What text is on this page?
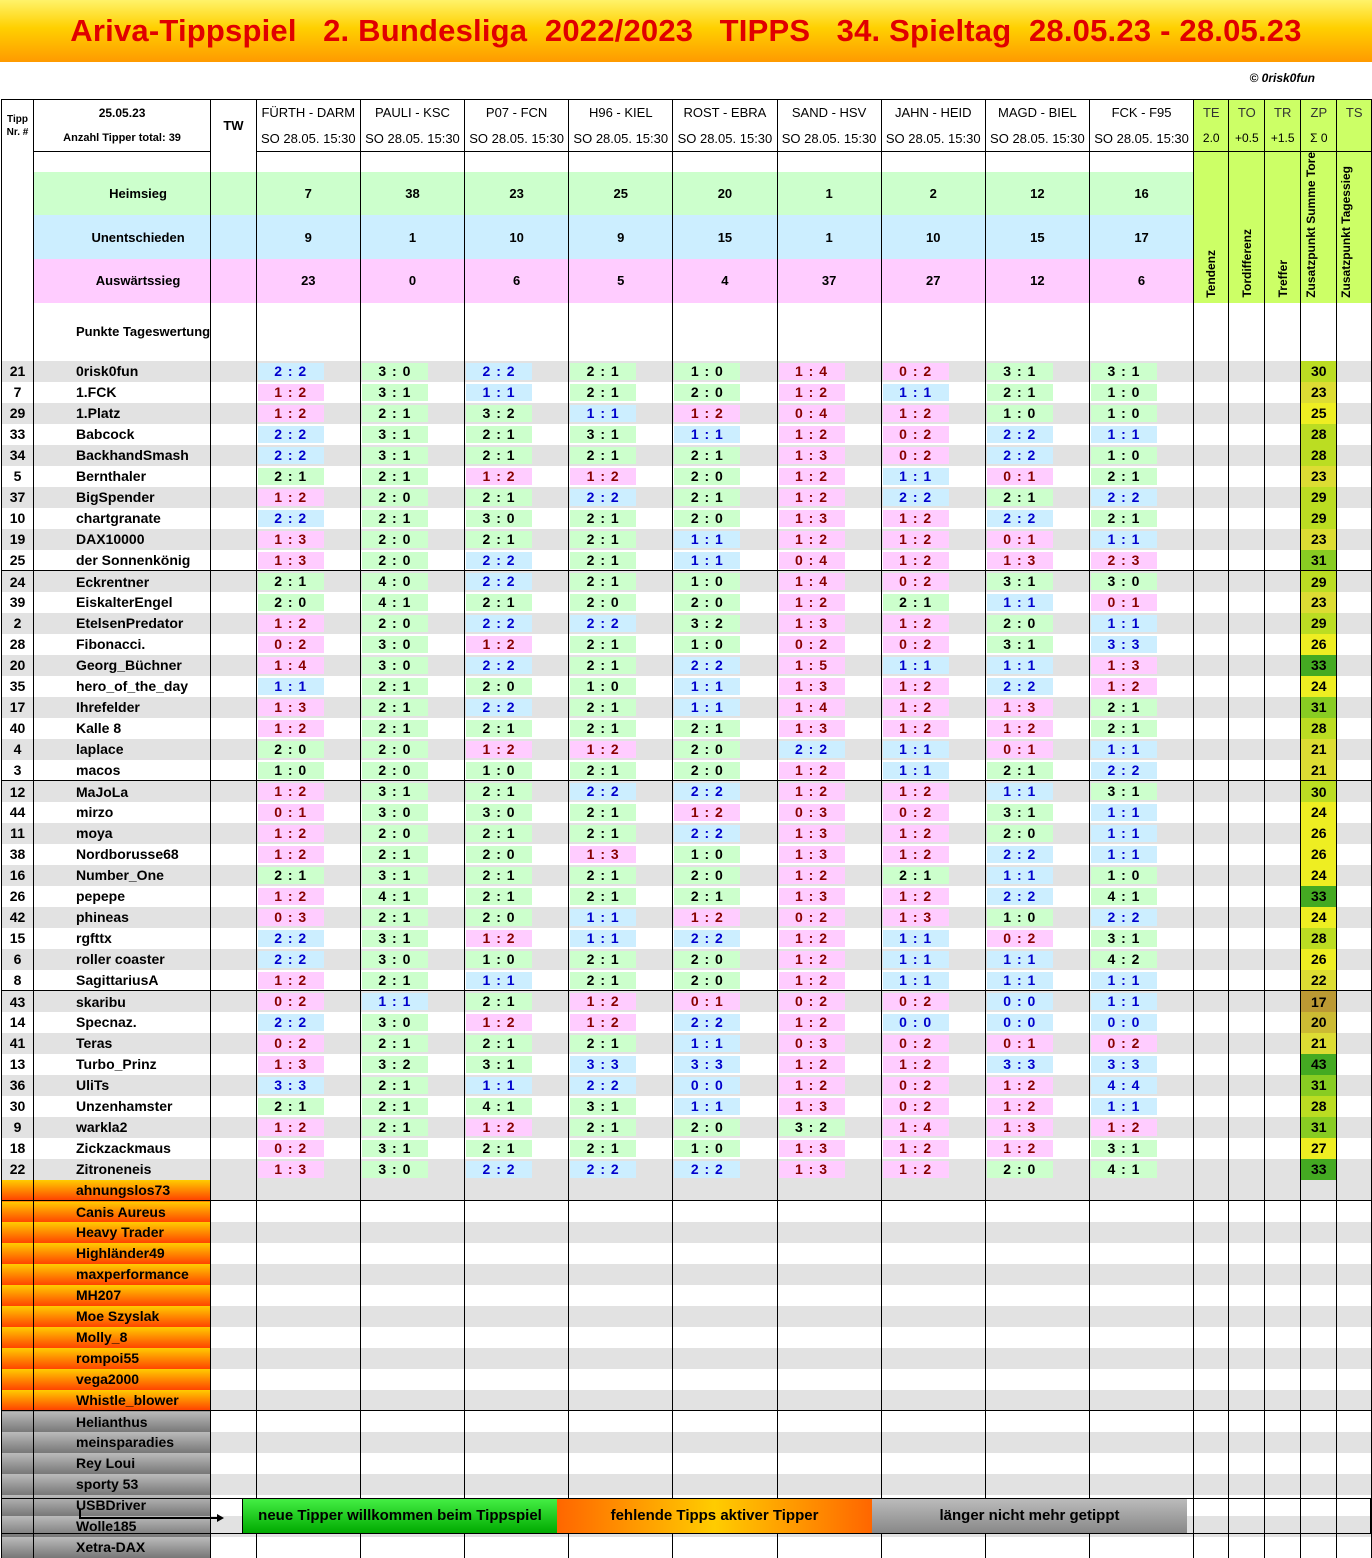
Ariva-Tippspiel   2. Bundesliga  2022/2023   TIPPS   34. Spieltag  28.05.23 - 28.05.23
© 0risk0fun
Tipp
Nr. #	25.05.23	TW	FÜRTH - DARM	PAULI - KSC	P07 - FCN	H96 - KIEL	ROST - EBRA	SAND - HSV	JAHN - HEID	MAGD - BIEL	FCK - F95	TE	TO	TR	ZP	TS
	Anzahl Tipper total: 39		SO 28.05. 15:30	SO 28.05. 15:30	SO 28.05. 15:30	SO 28.05. 15:30	SO 28.05. 15:30	SO 28.05. 15:30	SO 28.05. 15:30	SO 28.05. 15:30	SO 28.05. 15:30	2.0	+0.5	+1.5	Σ 0	
												Tendenz	Tordifferenz	Treffer	Zusatzpunkt Summe Tore	Zusatzpunkt Tagessieg
	Heimsieg		7	38	23	25	20	1	2	12	16					
	Unentschieden		9	1	10	9	15	1	10	15	17					
	Auswärtssieg		23	0	6	5	4	37	27	12	6					
	Punkte Tageswertung															
21	0risk0fun		2 : 2	3 : 0	2 : 2	2 : 1	1 : 0	1 : 4	0 : 2	3 : 1	3 : 1				30	
7	1.FCK		1 : 2	3 : 1	1 : 1	2 : 1	2 : 0	1 : 2	1 : 1	2 : 1	1 : 0				23	
29	1.Platz		1 : 2	2 : 1	3 : 2	1 : 1	1 : 2	0 : 4	1 : 2	1 : 0	1 : 0				25	
33	Babcock		2 : 2	3 : 1	2 : 1	3 : 1	1 : 1	1 : 2	0 : 2	2 : 2	1 : 1				28	
34	BackhandSmash		2 : 2	3 : 1	2 : 1	2 : 1	2 : 1	1 : 3	0 : 2	2 : 2	1 : 0				28	
5	Bernthaler		2 : 1	2 : 1	1 : 2	1 : 2	2 : 0	1 : 2	1 : 1	0 : 1	2 : 1				23	
37	BigSpender		1 : 2	2 : 0	2 : 1	2 : 2	2 : 1	1 : 2	2 : 2	2 : 1	2 : 2				29	
10	chartgranate		2 : 2	2 : 1	3 : 0	2 : 1	2 : 0	1 : 3	1 : 2	2 : 2	2 : 1				29	
19	DAX10000		1 : 3	2 : 0	2 : 1	2 : 1	1 : 1	1 : 2	1 : 2	0 : 1	1 : 1				23	
25	der Sonnenkönig		1 : 3	2 : 0	2 : 2	2 : 1	1 : 1	0 : 4	1 : 2	1 : 3	2 : 3				31	
24	Eckrentner		2 : 1	4 : 0	2 : 2	2 : 1	1 : 0	1 : 4	0 : 2	3 : 1	3 : 0				29	
39	EiskalterEngel		2 : 0	4 : 1	2 : 1	2 : 0	2 : 0	1 : 2	2 : 1	1 : 1	0 : 1				23	
2	EtelsenPredator		1 : 2	2 : 0	2 : 2	2 : 2	3 : 2	1 : 3	1 : 2	2 : 0	1 : 1				29	
28	Fibonacci.		0 : 2	3 : 0	1 : 2	2 : 1	1 : 0	0 : 2	0 : 2	3 : 1	3 : 3				26	
20	Georg_Büchner		1 : 4	3 : 0	2 : 2	2 : 1	2 : 2	1 : 5	1 : 1	1 : 1	1 : 3				33	
35	hero_of_the_day		1 : 1	2 : 1	2 : 0	1 : 0	1 : 1	1 : 3	1 : 2	2 : 2	1 : 2				24	
17	Ihrefelder		1 : 3	2 : 1	2 : 2	2 : 1	1 : 1	1 : 4	1 : 2	1 : 3	2 : 1				31	
40	Kalle 8		1 : 2	2 : 1	2 : 1	2 : 1	2 : 1	1 : 3	1 : 2	1 : 2	2 : 1				28	
4	laplace		2 : 0	2 : 0	1 : 2	1 : 2	2 : 0	2 : 2	1 : 1	0 : 1	1 : 1				21	
3	macos		1 : 0	2 : 0	1 : 0	2 : 1	2 : 0	1 : 2	1 : 1	2 : 1	2 : 2				21	
12	MaJoLa		1 : 2	3 : 1	2 : 1	2 : 2	2 : 2	1 : 2	1 : 2	1 : 1	3 : 1				30	
44	mirzo		0 : 1	3 : 0	3 : 0	2 : 1	1 : 2	0 : 3	0 : 2	3 : 1	1 : 1				24	
11	moya		1 : 2	2 : 0	2 : 1	2 : 1	2 : 2	1 : 3	1 : 2	2 : 0	1 : 1				26	
38	Nordborusse68		1 : 2	2 : 1	2 : 0	1 : 3	1 : 0	1 : 3	1 : 2	2 : 2	1 : 1				26	
16	Number_One		2 : 1	3 : 1	2 : 1	2 : 1	2 : 0	1 : 2	2 : 1	1 : 1	1 : 0				24	
26	pepepe		1 : 2	4 : 1	2 : 1	2 : 1	2 : 1	1 : 3	1 : 2	2 : 2	4 : 1				33	
42	phineas		0 : 3	2 : 1	2 : 0	1 : 1	1 : 2	0 : 2	1 : 3	1 : 0	2 : 2				24	
15	rgfttx		2 : 2	3 : 1	1 : 2	1 : 1	2 : 2	1 : 2	1 : 1	0 : 2	3 : 1				28	
6	roller coaster		2 : 2	3 : 0	1 : 0	2 : 1	2 : 0	1 : 2	1 : 1	1 : 1	4 : 2				26	
8	SagittariusA		1 : 2	2 : 1	1 : 1	2 : 1	2 : 0	1 : 2	1 : 1	1 : 1	1 : 1				22	
43	skaribu		0 : 2	1 : 1	2 : 1	1 : 2	0 : 1	0 : 2	0 : 2	0 : 0	1 : 1				17	
14	Specnaz.		2 : 2	3 : 0	1 : 2	1 : 2	2 : 2	1 : 2	0 : 0	0 : 0	0 : 0				20	
41	Teras		0 : 2	2 : 1	2 : 1	2 : 1	1 : 1	0 : 3	0 : 2	0 : 1	0 : 2				21	
13	Turbo_Prinz		1 : 3	3 : 2	3 : 1	3 : 3	3 : 3	1 : 2	1 : 2	3 : 3	3 : 3				43	
36	UliTs		3 : 3	2 : 1	1 : 1	2 : 2	0 : 0	1 : 2	0 : 2	1 : 2	4 : 4				31	
30	Unzenhamster		2 : 1	2 : 1	4 : 1	3 : 1	1 : 1	1 : 3	0 : 2	1 : 2	1 : 1				28	
9	warkla2		1 : 2	2 : 1	1 : 2	2 : 1	2 : 0	3 : 2	1 : 4	1 : 3	1 : 2				31	
18	Zickzackmaus		0 : 2	3 : 1	2 : 1	2 : 1	1 : 0	1 : 3	1 : 2	1 : 2	3 : 1				27	
22	Zitroneneis		1 : 3	3 : 0	2 : 2	2 : 2	2 : 2	1 : 3	1 : 2	2 : 0	4 : 1				33	
	ahnungslos73															
	Canis Aureus															
	Heavy Trader															
	Highländer49															
	maxperformance															
	MH207															
	Moe Szyslak															
	Molly_8															
	rompoi55															
	vega2000															
	Whistle_blower															
	Helianthus															
	meinsparadies															
	Rey Loui															
	sporty 53															
	USBDriver															
	Wolle185															
	Xetra-DAX															
neue Tipper willkommen beim Tippspiel	fehlende Tipps aktiver Tipper	länger nicht mehr getippt
